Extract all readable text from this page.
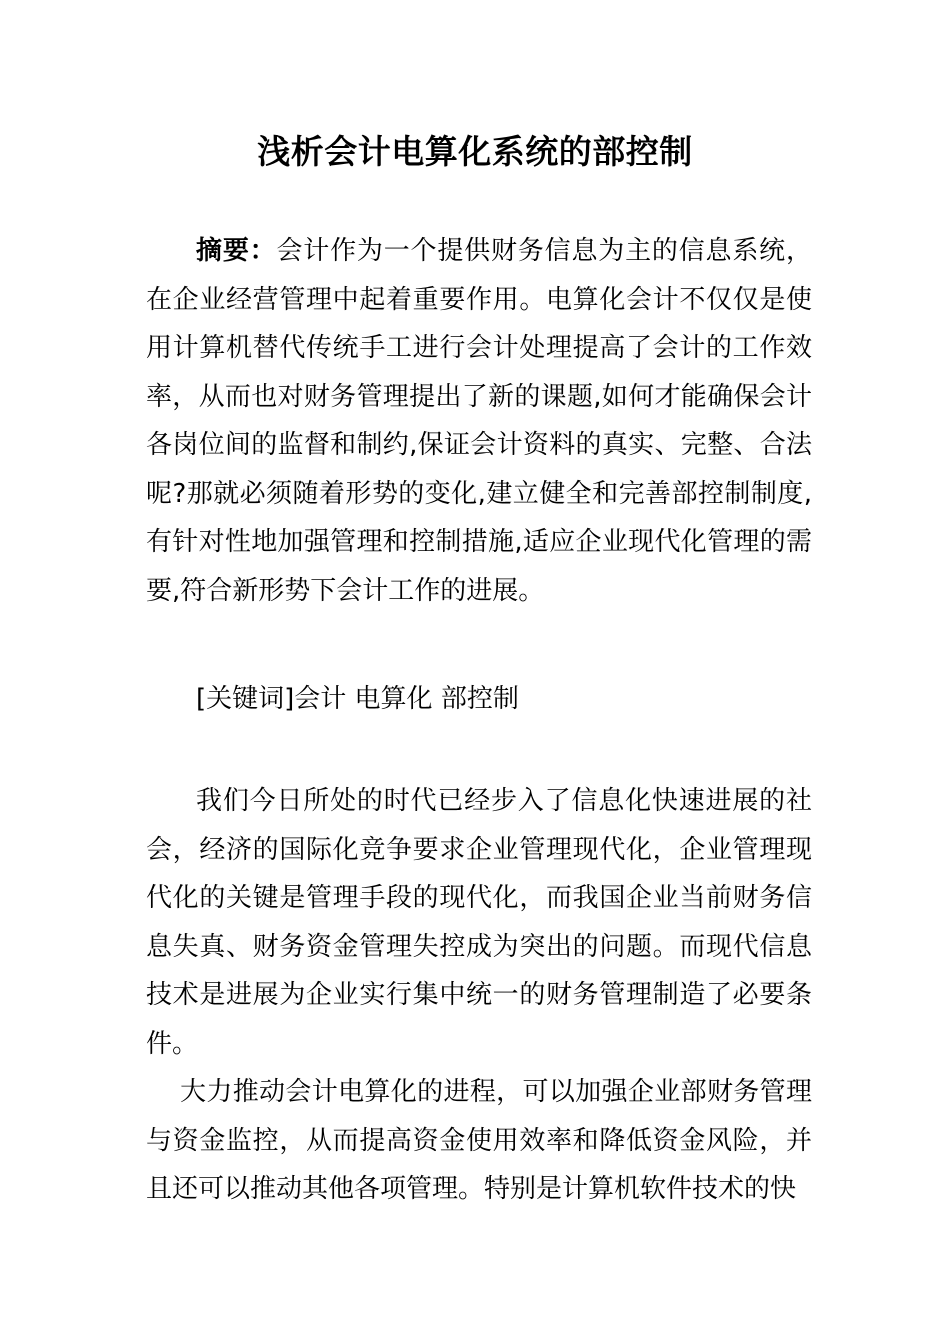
浅析会计电算化系统的部控制

摘要：会计作为一个提供财务信息为主的信息系统，在企业经营管理中起着重要作用。电算化会计不仅仅是使用计算机替代传统手工进行会计处理提高了会计的工作效率，从而也对财务管理提出了新的课题,如何才能确保会计各岗位间的监督和制约,保证会计资料的真实、完整、合法呢?那就必须随着形势的变化,建立健全和完善部控制制度,有针对性地加强管理和控制措施,适应企业现代化管理的需要,符合新形势下会计工作的进展。

[关键词]会计 电算化 部控制

我们今日所处的时代已经步入了信息化快速进展的社会，经济的国际化竞争要求企业管理现代化，企业管理现代化的关键是管理手段的现代化，而我国企业当前财务信息失真、财务资金管理失控成为突出的问题。而现代信息技术是进展为企业实行集中统一的财务管理制造了必要条件。

大力推动会计电算化的进程，可以加强企业部财务管理与资金监控，从而提高资金使用效率和降低资金风险，并且还可以推动其他各项管理。特别是计算机软件技术的快
